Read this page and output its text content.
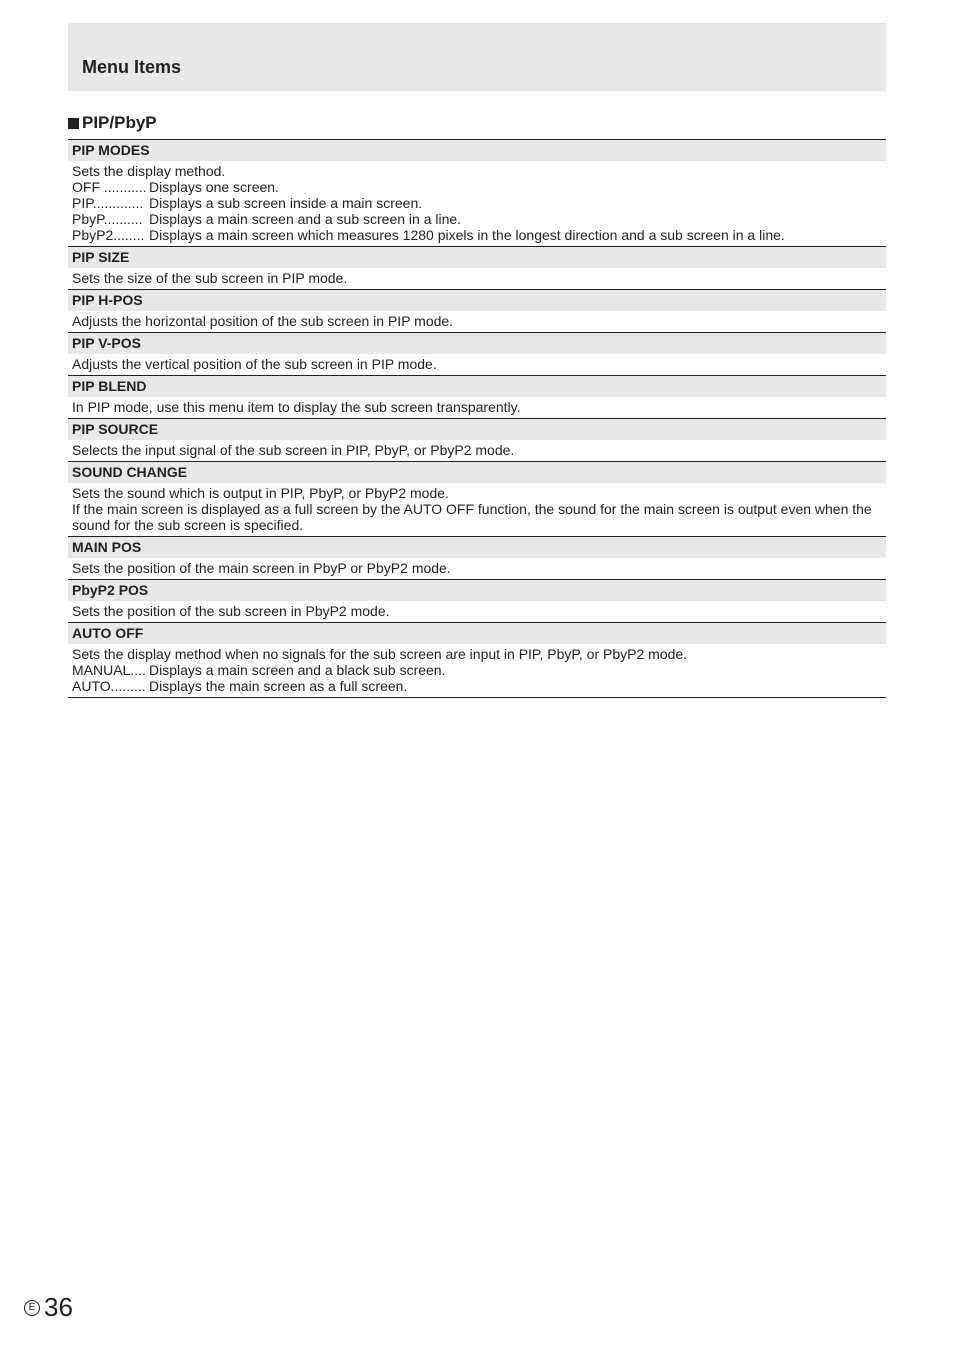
Menu Items
PIP/PbyP
PIP MODES
Sets the display method.
OFF ........... Displays one screen.
PIP............. Displays a sub screen inside a main screen.
PbyP.......... Displays a main screen and a sub screen in a line.
PbyP2........ Displays a main screen which measures 1280 pixels in the longest direction and a sub screen in a line.
PIP SIZE
Sets the size of the sub screen in PIP mode.
PIP H-POS
Adjusts the horizontal position of the sub screen in PIP mode.
PIP V-POS
Adjusts the vertical position of the sub screen in PIP mode.
PIP BLEND
In PIP mode, use this menu item to display the sub screen transparently.
PIP SOURCE
Selects the input signal of the sub screen in PIP, PbyP, or PbyP2 mode.
SOUND CHANGE
Sets the sound which is output in PIP, PbyP, or PbyP2 mode.
If the main screen is displayed as a full screen by the AUTO OFF function, the sound for the main screen is output even when the sound for the sub screen is specified.
MAIN POS
Sets the position of the main screen in PbyP or PbyP2 mode.
PbyP2 POS
Sets the position of the sub screen in PbyP2 mode.
AUTO OFF
Sets the display method when no signals for the sub screen are input in PIP, PbyP, or PbyP2 mode.
MANUAL.... Displays a main screen and a black sub screen.
AUTO......... Displays the main screen as a full screen.
E 36
